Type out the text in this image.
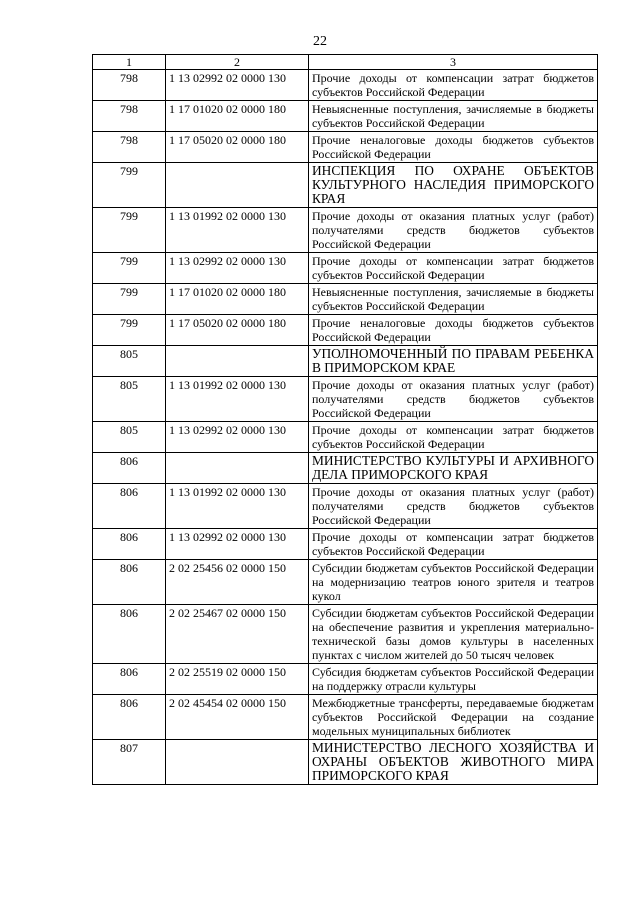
22
1	2	3
798	1 13 02992 02 0000 130	Прочие доходы от компенсации затрат бюджетов субъектов Российской Федерации
798	1 17 01020 02 0000 180	Невыясненные поступления, зачисляемые в бюджеты субъектов Российской Федерации
798	1 17 05020 02 0000 180	Прочие неналоговые доходы бюджетов субъектов Российской Федерации
799		ИНСПЕКЦИЯ ПО ОХРАНЕ ОБЪЕКТОВ КУЛЬТУРНОГО НАСЛЕДИЯ ПРИМОРСКОГО КРАЯ
799	1 13 01992 02 0000 130	Прочие доходы от оказания платных услуг (работ) получателями средств бюджетов субъектов Российской Федерации
799	1 13 02992 02 0000 130	Прочие доходы от компенсации затрат бюджетов субъектов Российской Федерации
799	1 17 01020 02 0000 180	Невыясненные поступления, зачисляемые в бюджеты субъектов Российской Федерации
799	1 17 05020 02 0000 180	Прочие неналоговые доходы бюджетов субъектов Российской Федерации
805		УПОЛНОМОЧЕННЫЙ ПО ПРАВАМ РЕБЕНКА В ПРИМОРСКОМ КРАЕ
805	1 13 01992 02 0000 130	Прочие доходы от оказания платных услуг (работ) получателями средств бюджетов субъектов Российской Федерации
805	1 13 02992 02 0000 130	Прочие доходы от компенсации затрат бюджетов субъектов Российской Федерации
806		МИНИСТЕРСТВО КУЛЬТУРЫ И АРХИВНОГО ДЕЛА ПРИМОРСКОГО КРАЯ
806	1 13 01992 02 0000 130	Прочие доходы от оказания платных услуг (работ) получателями средств бюджетов субъектов Российской Федерации
806	1 13 02992 02 0000 130	Прочие доходы от компенсации затрат бюджетов субъектов Российской Федерации
806	2 02 25456 02 0000 150	Субсидии бюджетам субъектов Российской Федерации на модернизацию театров юного зрителя и театров кукол
806	2 02 25467 02 0000 150	Субсидии бюджетам субъектов Российской Федерации на обеспечение развития и укрепления материально-технической базы домов культуры в населенных пунктах с числом жителей до 50 тысяч человек
806	2 02 25519 02 0000 150	Субсидия бюджетам субъектов Российской Федерации на поддержку отрасли культуры
806	2 02 45454 02 0000 150	Межбюджетные трансферты, передаваемые бюджетам субъектов Российской Федерации на создание модельных муниципальных библиотек
807		МИНИСТЕРСТВО ЛЕСНОГО ХОЗЯЙСТВА И ОХРАНЫ ОБЪЕКТОВ ЖИВОТНОГО МИРА ПРИМОРСКОГО КРАЯ
